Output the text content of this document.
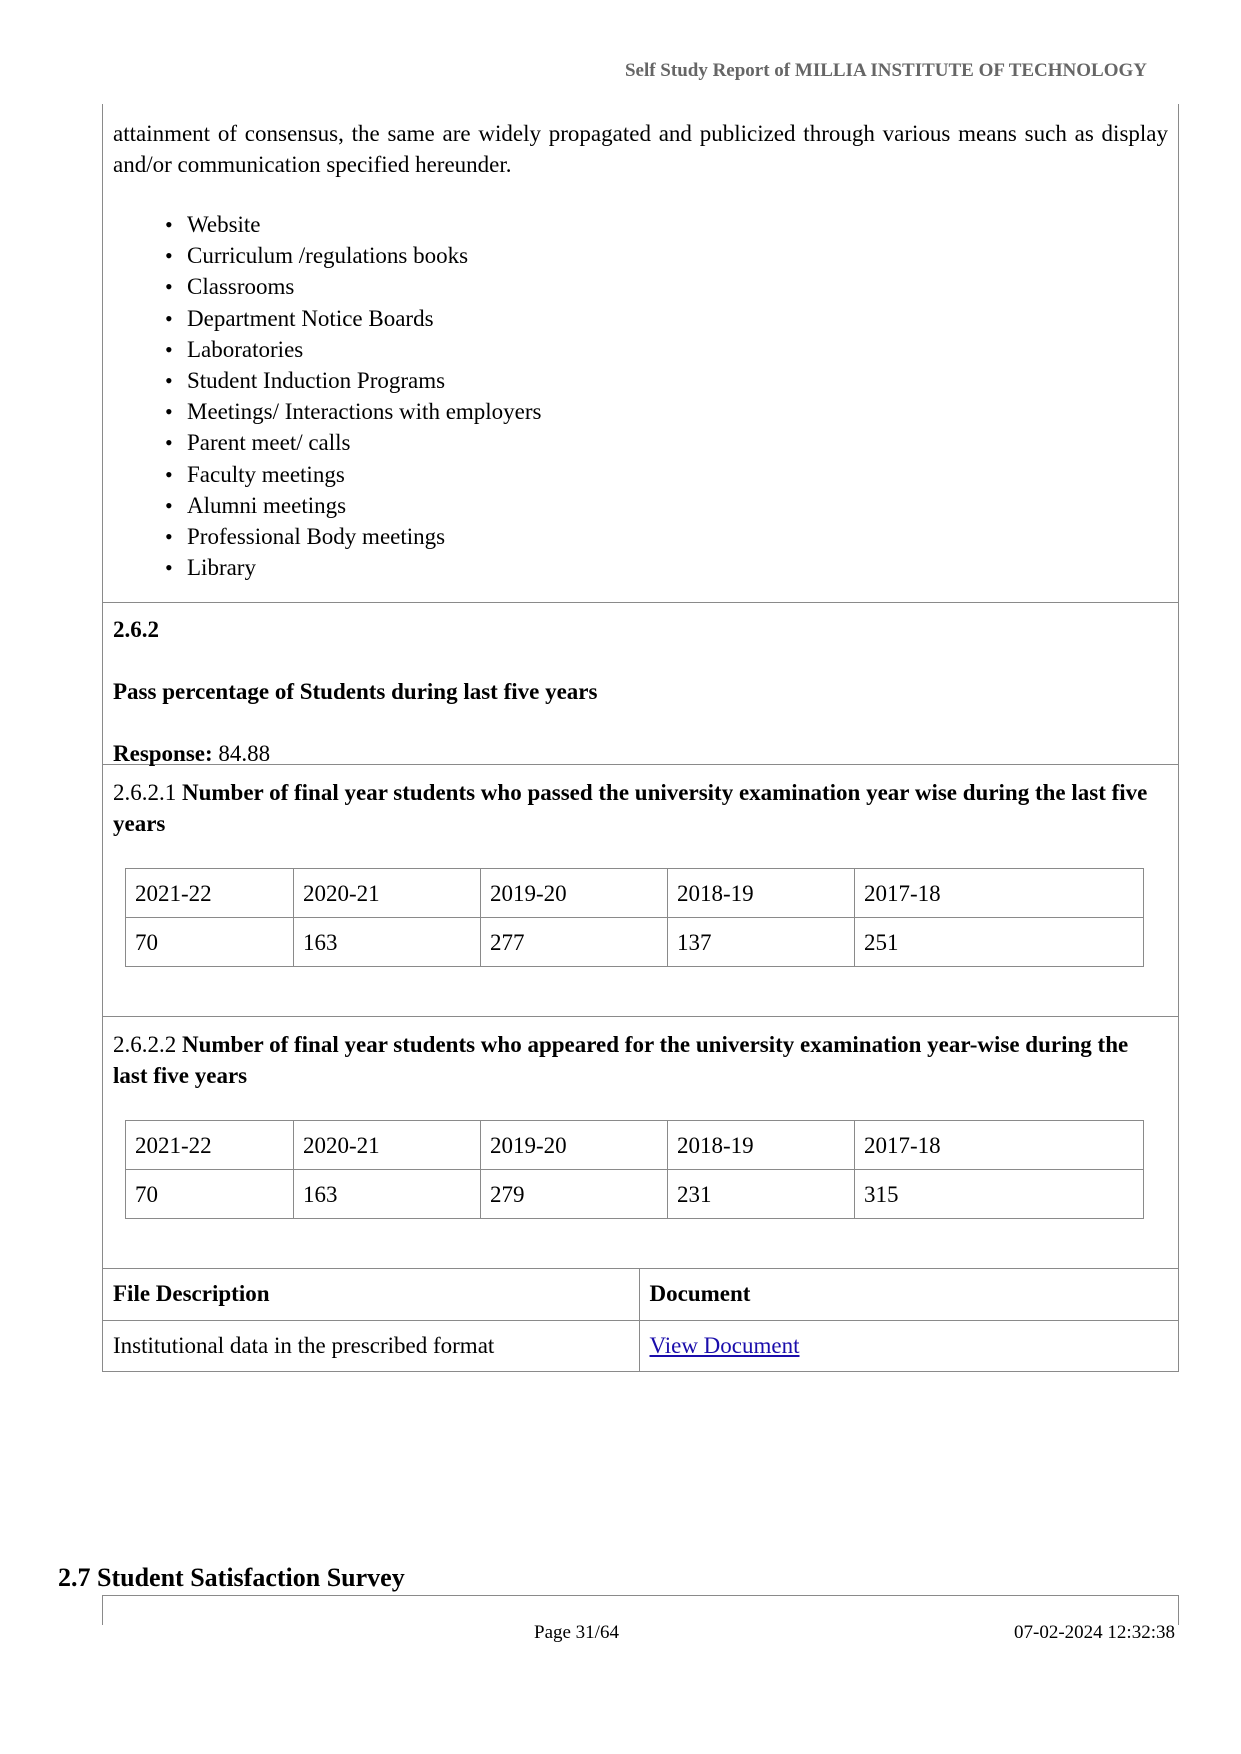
Self Study Report of MILLIA INSTITUTE OF TECHNOLOGY

attainment of consensus, the same are widely propagated and publicized through various means such as display and/or communication specified hereunder.

• Website
• Curriculum /regulations books
• Classrooms
• Department Notice Boards
• Laboratories
• Student Induction Programs
• Meetings/ Interactions with employers
• Parent meet/ calls
• Faculty meetings
• Alumni meetings
• Professional Body meetings
• Library

2.6.2

Pass percentage of Students during last five years

Response: 84.88

2.6.2.1 Number of final year students who passed the university examination year wise during the last five years

2021-22	2020-21	2019-20	2018-19	2017-18
70	163	277	137	251

2.6.2.2 Number of final year students who appeared for the university examination year-wise during the last five years

2021-22	2020-21	2019-20	2018-19	2017-18
70	163	279	231	315
File Description	Document
Institutional data in the prescribed format	View Document
2.7 Student Satisfaction Survey
Page 31/64	07-02-2024 12:32:38
